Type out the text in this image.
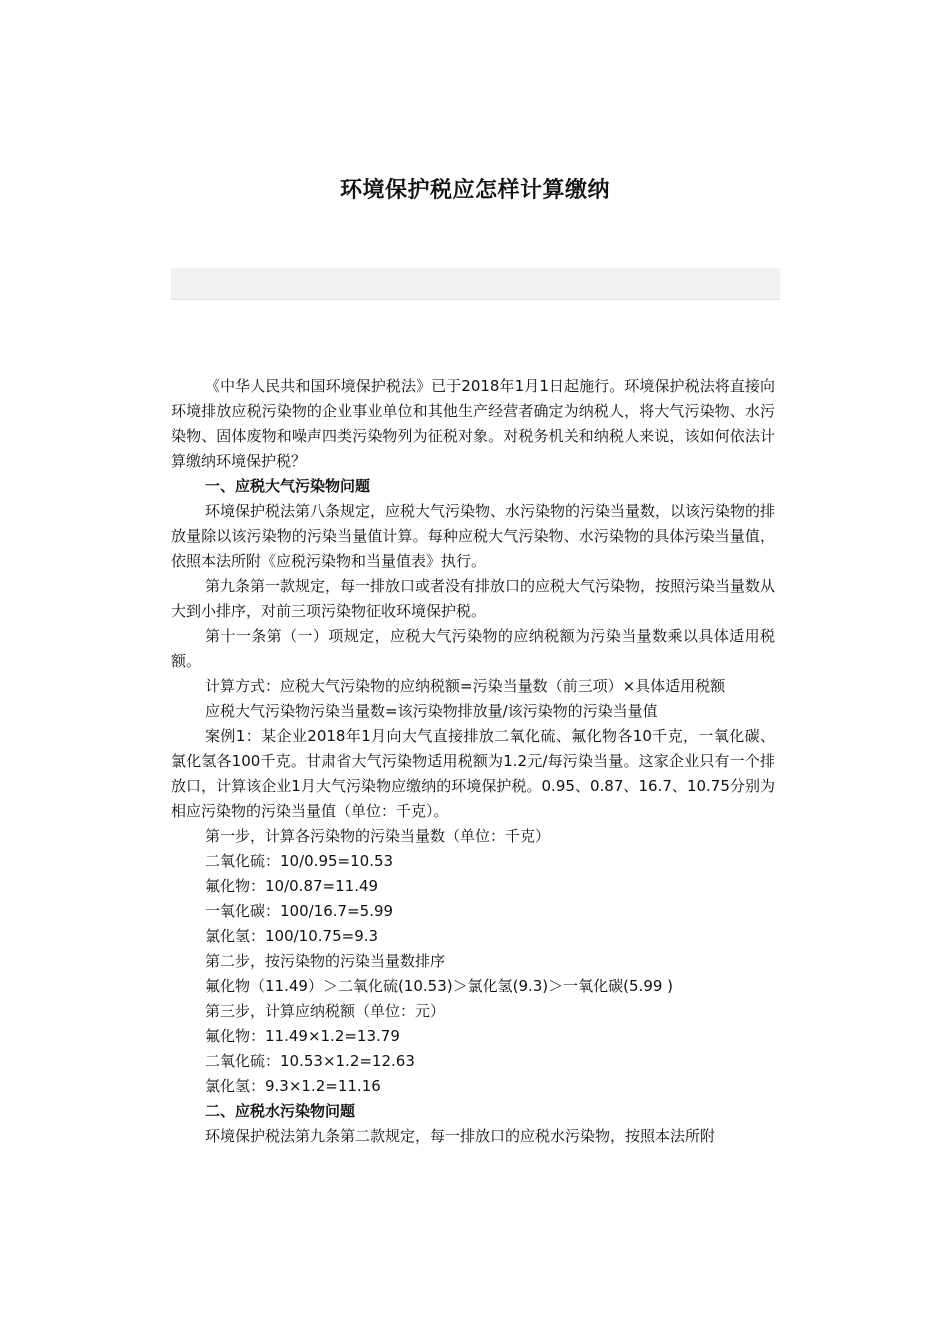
环境保护税应怎样计算缴纳

《中华人民共和国环境保护税法》已于2018年1月1日起施行。环境保护税法将直接向环境排放应税污染物的企业事业单位和其他生产经营者确定为纳税人，将大气污染物、水污染物、固体废物和噪声四类污染物列为征税对象。对税务机关和纳税人来说，该如何依法计算缴纳环境保护税？

一、应税大气污染物问题

环境保护税法第八条规定，应税大气污染物、水污染物的污染当量数，以该污染物的排放量除以该污染物的污染当量值计算。每种应税大气污染物、水污染物的具体污染当量值，依照本法所附《应税污染物和当量值表》执行。

第九条第一款规定，每一排放口或者没有排放口的应税大气污染物，按照污染当量数从大到小排序，对前三项污染物征收环境保护税。

第十一条第（一）项规定，应税大气污染物的应纳税额为污染当量数乘以具体适用税额。

计算方式：应税大气污染物的应纳税额=污染当量数（前三项）×具体适用税额

应税大气污染物污染当量数=该污染物排放量/该污染物的污染当量值

案例1：某企业2018年1月向大气直接排放二氧化硫、氟化物各10千克，一氧化碳、氯化氢各100千克。甘肃省大气污染物适用税额为1.2元/每污染当量。这家企业只有一个排放口，计算该企业1月大气污染物应缴纳的环境保护税。0.95、0.87、16.7、10.75分别为相应污染物的污染当量值（单位：千克）。

第一步，计算各污染物的污染当量数（单位：千克）

二氧化硫：10/0.95=10.53

氟化物：10/0.87=11.49

一氧化碳：100/16.7=5.99

氯化氢：100/10.75=9.3

第二步，按污染物的污染当量数排序

氟化物（11.49）＞二氧化硫(10.53)＞氯化氢(9.3)＞一氧化碳(5.99 )

第三步，计算应纳税额（单位：元）

氟化物：11.49×1.2=13.79

二氧化硫：10.53×1.2=12.63

氯化氢：9.3×1.2=11.16

二、应税水污染物问题

环境保护税法第九条第二款规定，每一排放口的应税水污染物，按照本法所附
